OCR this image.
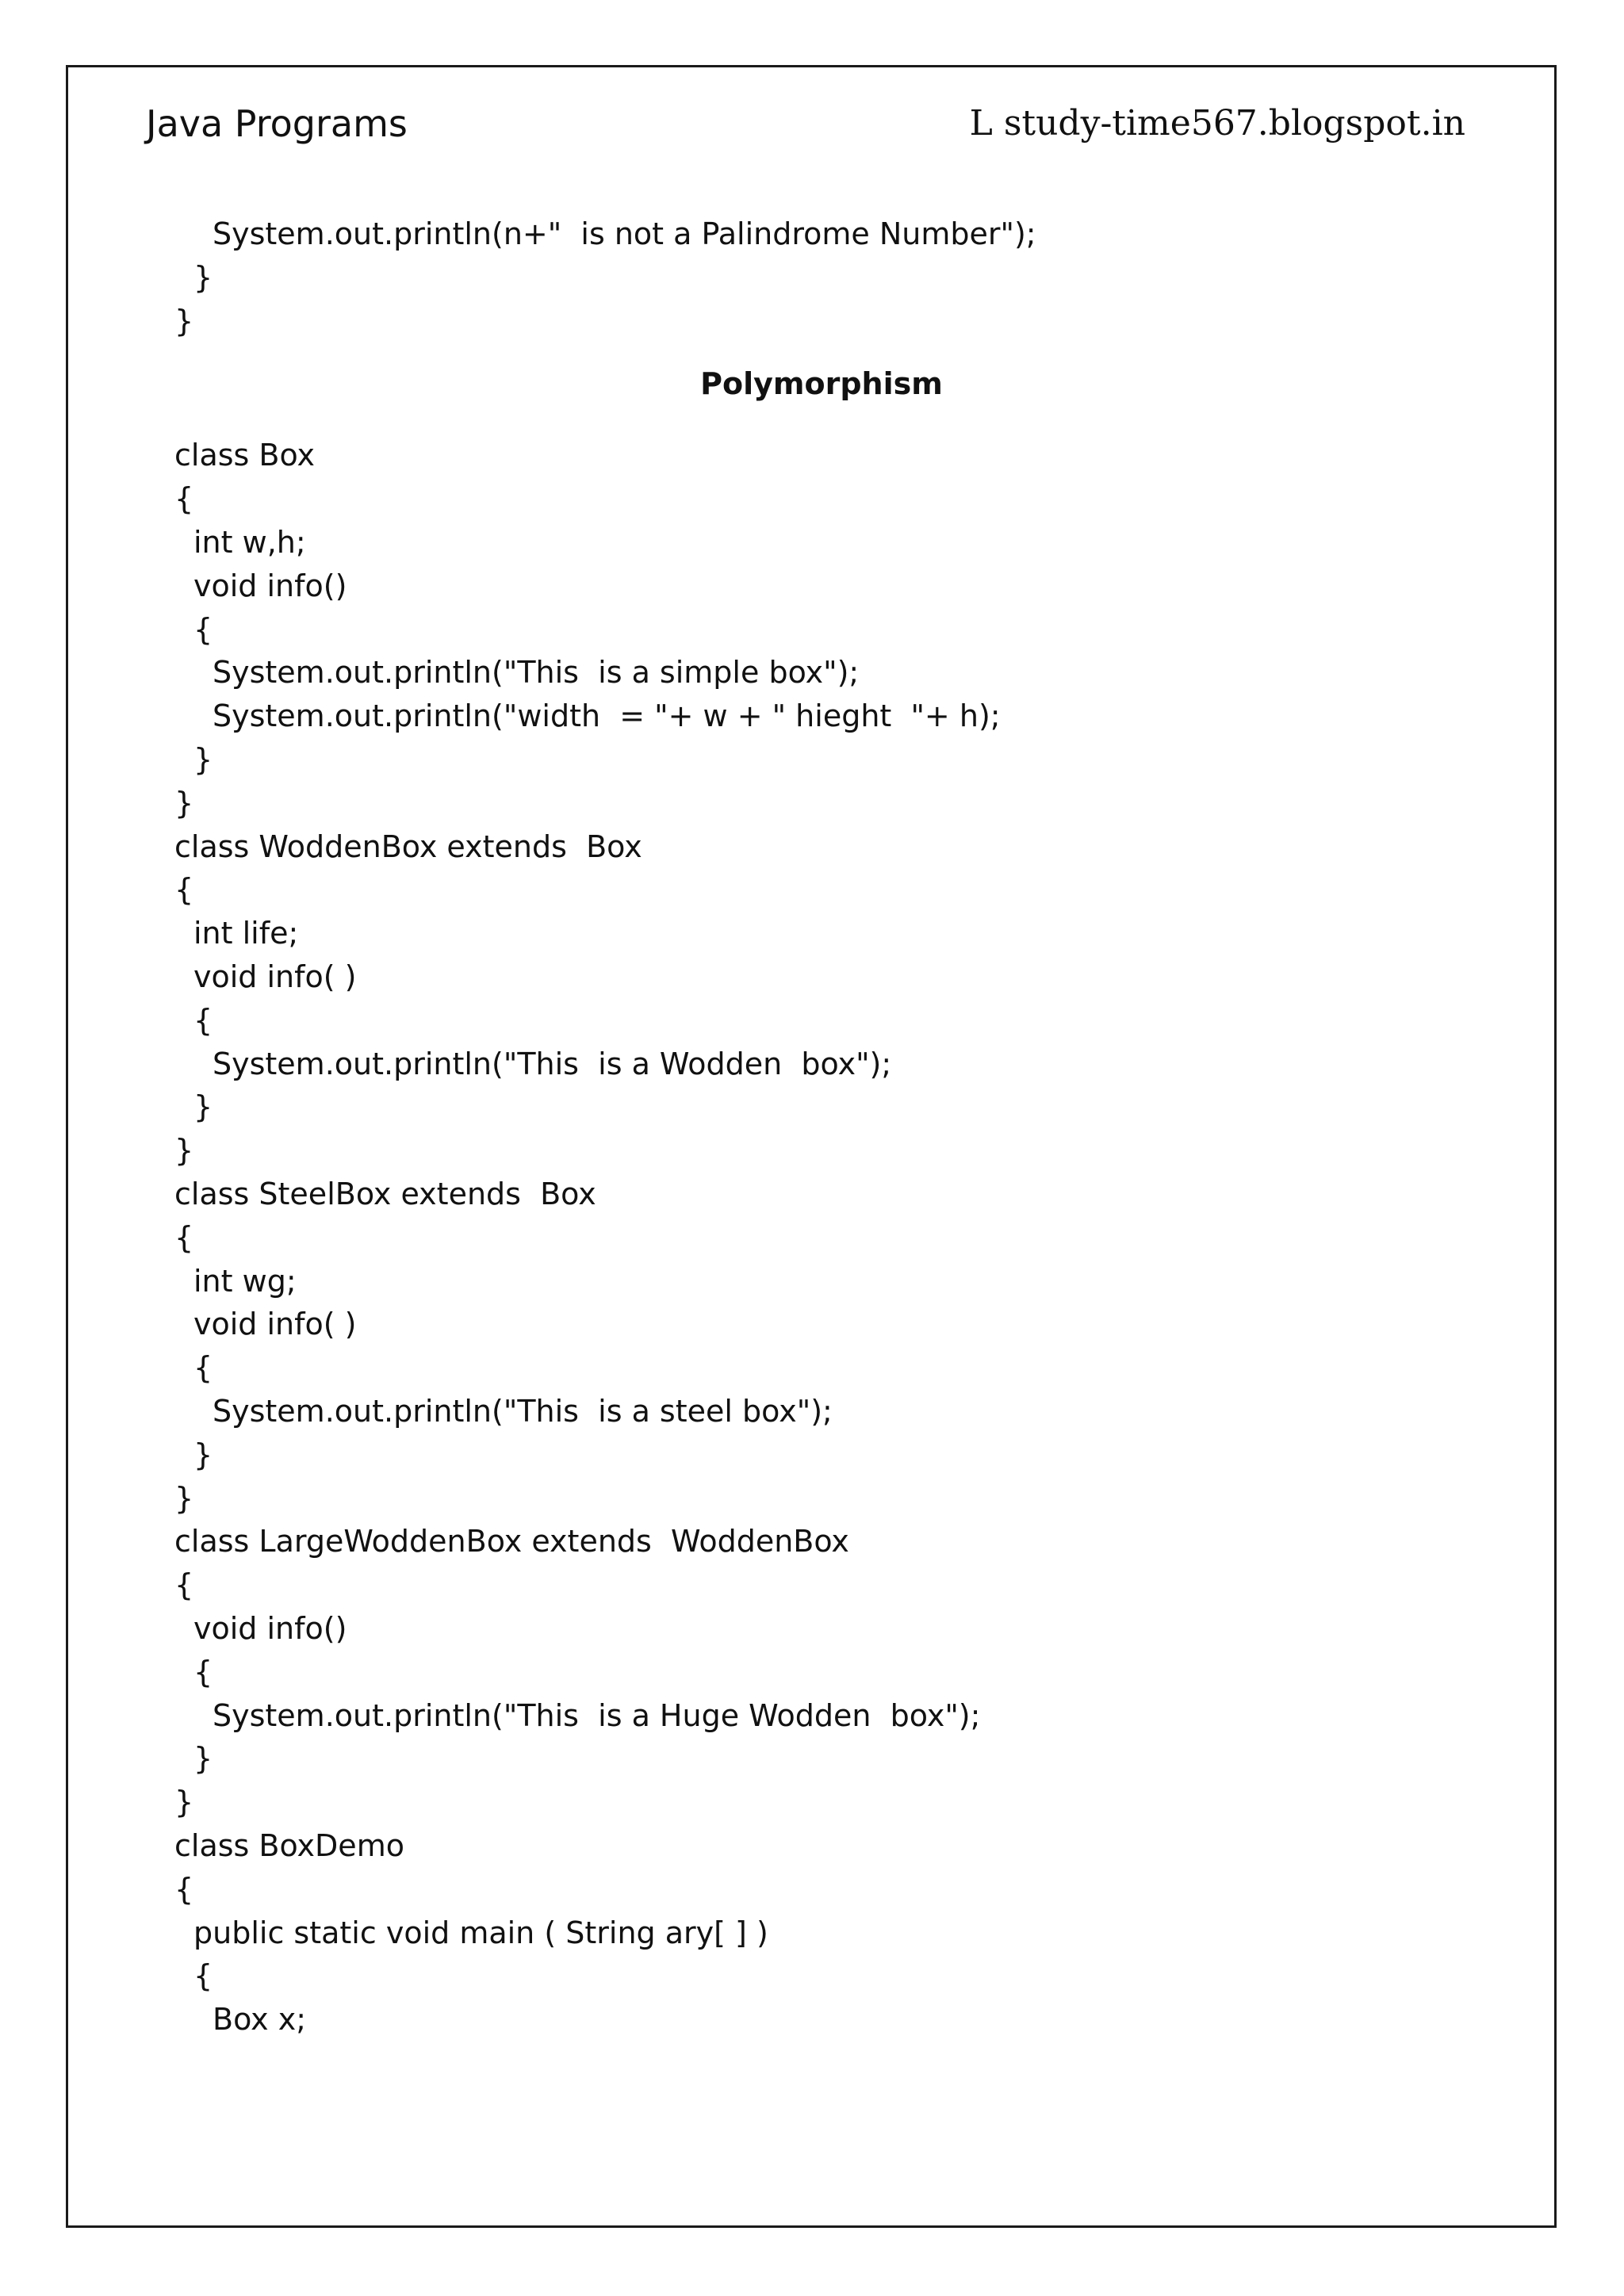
Java Programs	L study-time567.blogspot.in
System.out.println(n+"  is not a Palindrome Number");
}
}
Polymorphism
class Box
{
int w,h;
void info()
{
System.out.println("This  is a simple box");
System.out.println("width  = "+ w + " hieght  "+ h);
}
}
class WoddenBox extends  Box
{
int life;
void info( )
{
System.out.println("This  is a Wodden  box");
}
}
class SteelBox extends  Box
{
int wg;
void info( )
{
System.out.println("This  is a steel box");
}
}
class LargeWoddenBox extends  WoddenBox
{
void info()
{
System.out.println("This  is a Huge Wodden  box");
}
}
class BoxDemo
{
public static void main ( String ary[ ] )
{
Box x;
